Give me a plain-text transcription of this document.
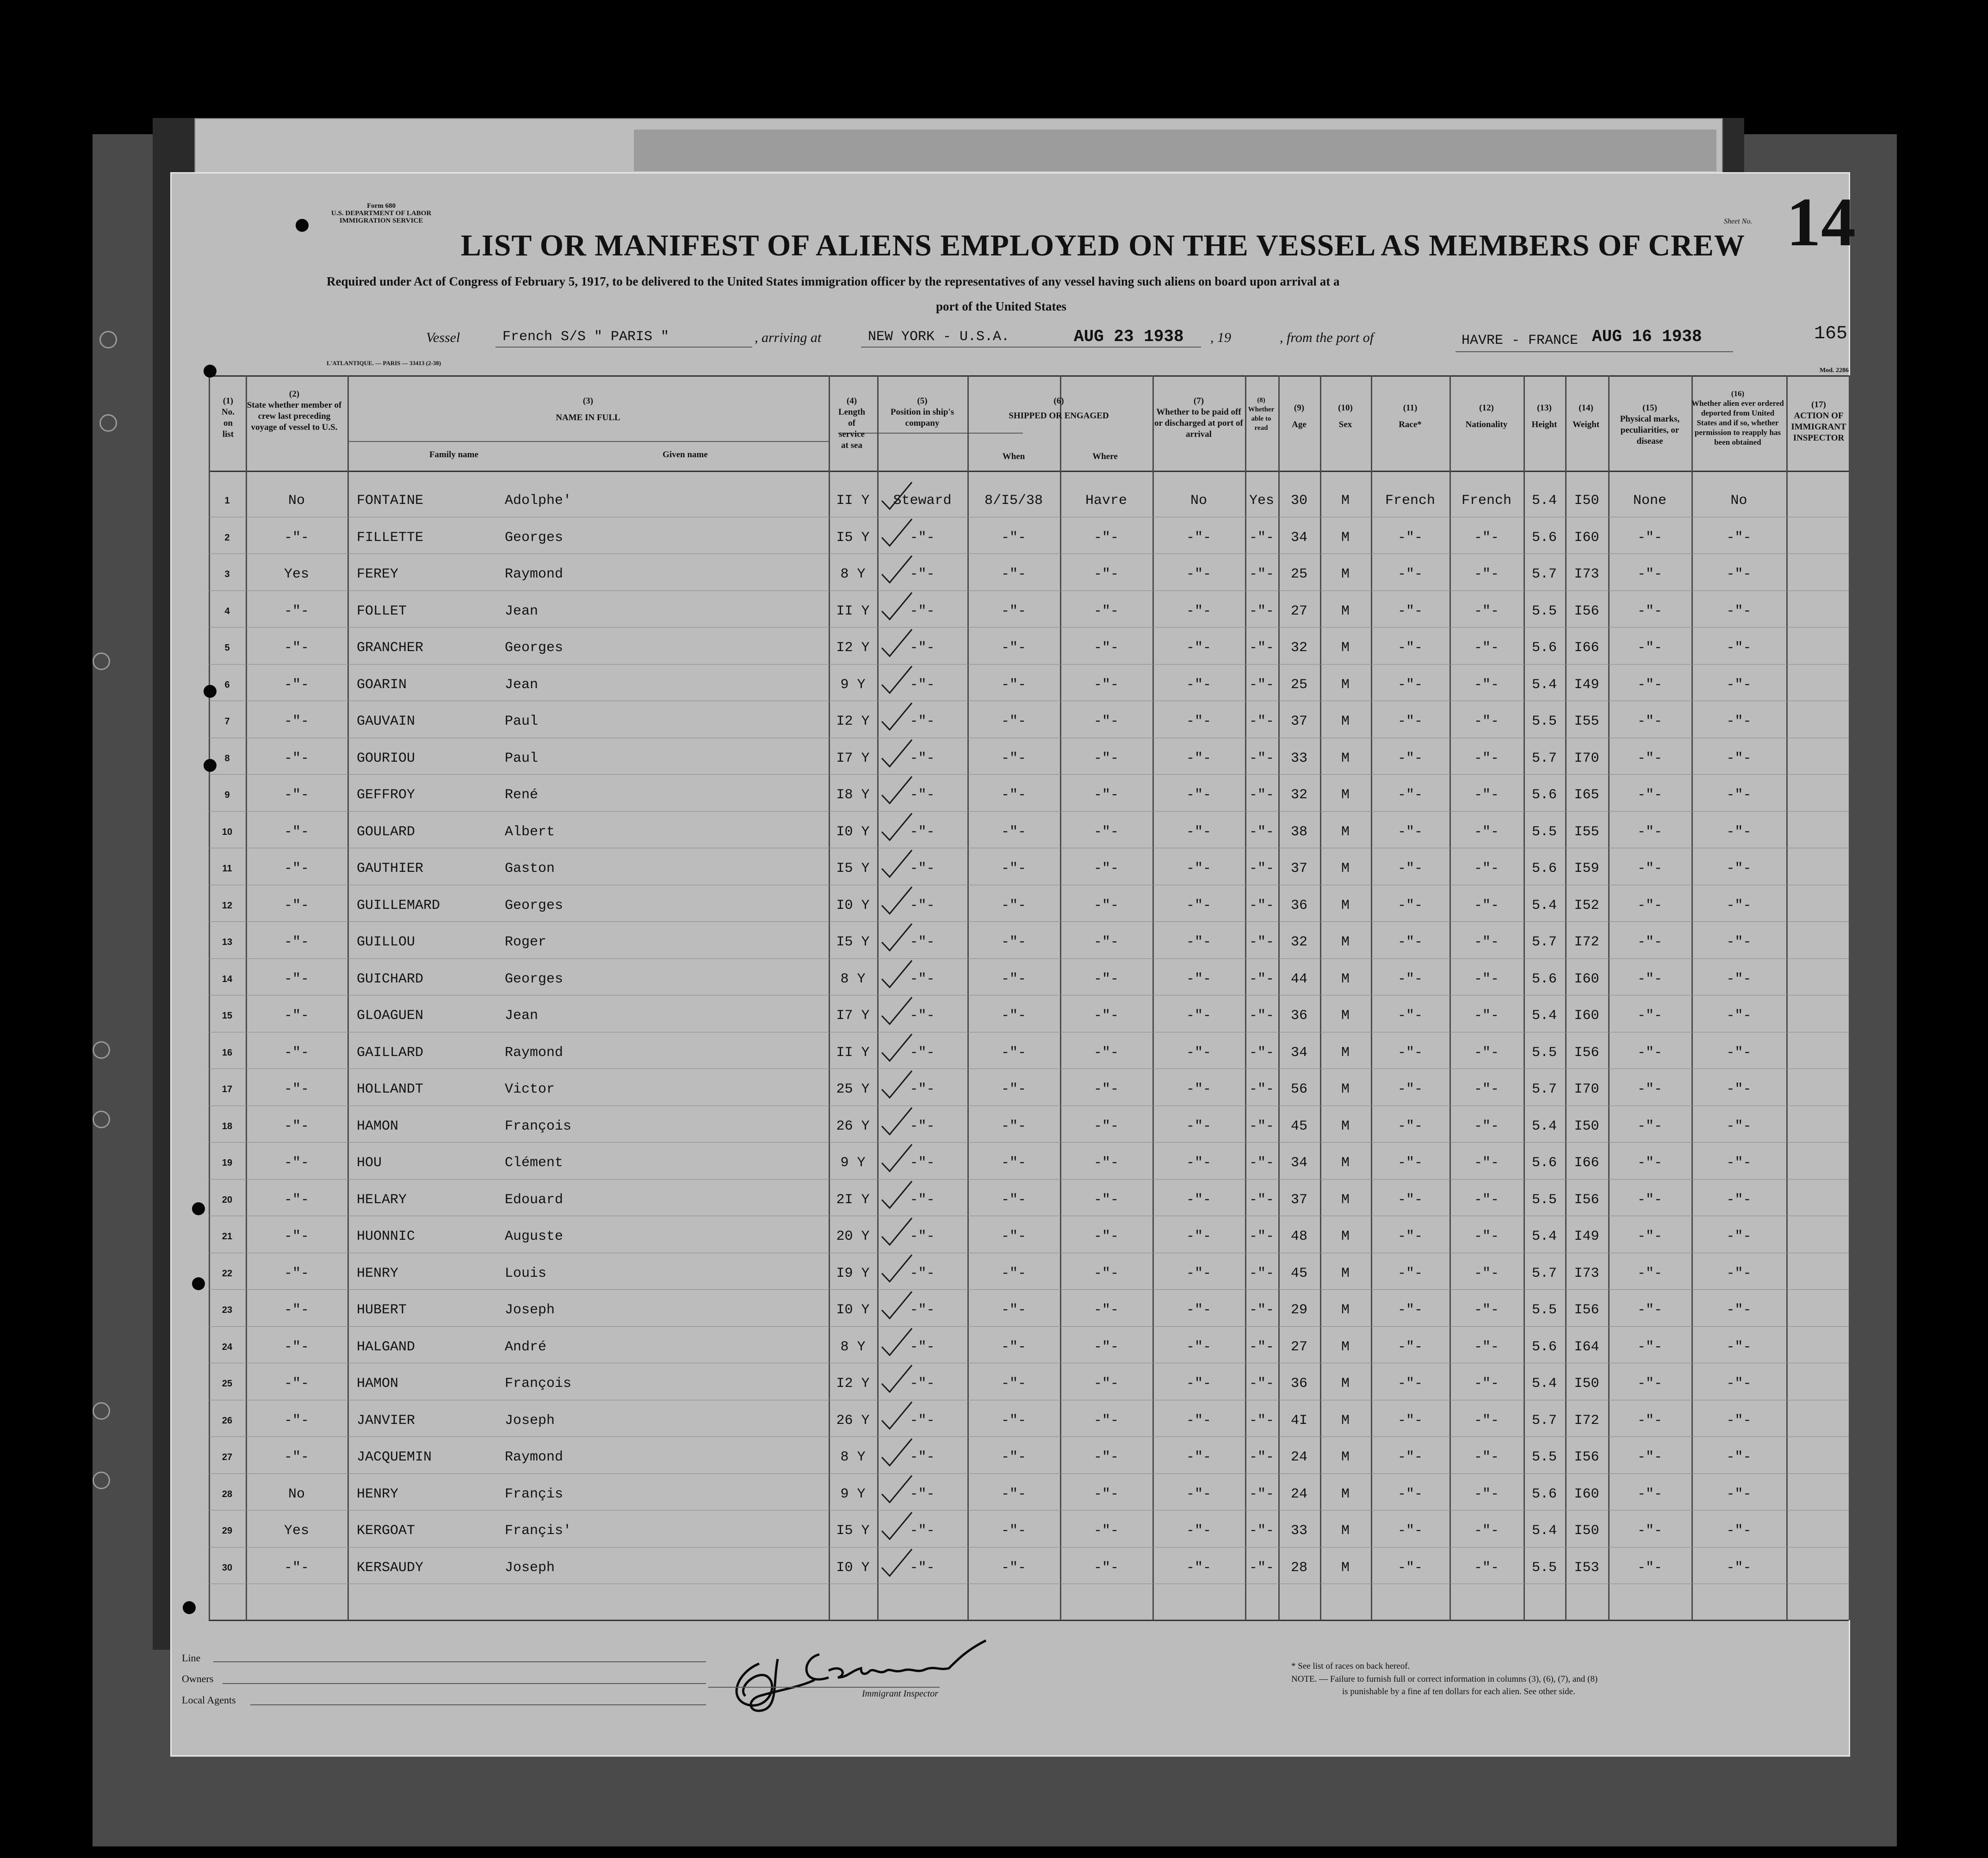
Form 680
U.S. DEPARTMENT OF LABOR
IMMIGRATION SERVICE
LIST OR MANIFEST OF ALIENS EMPLOYED ON THE VESSEL AS MEMBERS OF CREW
Sheet No. 14
Required under Act of Congress of February 5, 1917, to be delivered to the United States immigration officer by the representatives of any vessel having such aliens on board upon arrival at a
port of the United States
Vessel	French S/S " PARIS "	, arriving at	NEW YORK - U.S.A.	AUG 23 1938 , 19	, from the port of	HAVRE - FRANCE AUG 16 1938	165
L'ATLANTIQUE. — PARIS — 33413 (2-38)
Mod. 2286
(1)
No. on list
(2)
State whether member of crew last preceding voyage of vessel to U.S.
(3)
NAME IN FULL
Family name	Given name
(4)
Length of service at sea
(5)
Position in ship's company
(6)
SHIPPED OR ENGAGED
When	Where
(7)
Whether to be paid off or discharged at port of arrival
(8)
Whether able to read
(9)
Age
(10)
Sex
(11)
Race*
(12)
Nationality
(13)
Height
(14)
Weight
(15)
Physical marks, peculiarities, or disease
(16)
Whether alien ever ordered deported from United States and if so, whether permission to reapply has been obtained
(17)
ACTION OF IMMIGRANT INSPECTOR
1	No	FONTAINE	Adolphe'	II Y	Steward	8/I5/38	Havre	No	Yes	30	M	French	French	5.4	I50	None	No
2	-"-	FILLETTE	Georges	I5 Y	-"-	-"-	-"-	-"-	-"-	34	M	-"-	-"-	5.6	I60	-"-	-"-
3	Yes	FEREY	Raymond	8 Y	-"-	-"-	-"-	-"-	-"-	25	M	-"-	-"-	5.7	I73	-"-	-"-
4	-"-	FOLLET	Jean	II Y	-"-	-"-	-"-	-"-	-"-	27	M	-"-	-"-	5.5	I56	-"-	-"-
5	-"-	GRANCHER	Georges	I2 Y	-"-	-"-	-"-	-"-	-"-	32	M	-"-	-"-	5.6	I66	-"-	-"-
6	-"-	GOARIN	Jean	9 Y	-"-	-"-	-"-	-"-	-"-	25	M	-"-	-"-	5.4	I49	-"-	-"-
7	-"-	GAUVAIN	Paul	I2 Y	-"-	-"-	-"-	-"-	-"-	37	M	-"-	-"-	5.5	I55	-"-	-"-
8	-"-	GOURIOU	Paul	I7 Y	-"-	-"-	-"-	-"-	-"-	33	M	-"-	-"-	5.7	I70	-"-	-"-
9	-"-	GEFFROY	René	I8 Y	-"-	-"-	-"-	-"-	-"-	32	M	-"-	-"-	5.6	I65	-"-	-"-
10	-"-	GOULARD	Albert	I0 Y	-"-	-"-	-"-	-"-	-"-	38	M	-"-	-"-	5.5	I55	-"-	-"-
11	-"-	GAUTHIER	Gaston	I5 Y	-"-	-"-	-"-	-"-	-"-	37	M	-"-	-"-	5.6	I59	-"-	-"-
12	-"-	GUILLEMARD	Georges	I0 Y	-"-	-"-	-"-	-"-	-"-	36	M	-"-	-"-	5.4	I52	-"-	-"-
13	-"-	GUILLOU	Roger	I5 Y	-"-	-"-	-"-	-"-	-"-	32	M	-"-	-"-	5.7	I72	-"-	-"-
14	-"-	GUICHARD	Georges	8 Y	-"-	-"-	-"-	-"-	-"-	44	M	-"-	-"-	5.6	I60	-"-	-"-
15	-"-	GLOAGUEN	Jean	I7 Y	-"-	-"-	-"-	-"-	-"-	36	M	-"-	-"-	5.4	I60	-"-	-"-
16	-"-	GAILLARD	Raymond	II Y	-"-	-"-	-"-	-"-	-"-	34	M	-"-	-"-	5.5	I56	-"-	-"-
17	-"-	HOLLANDT	Victor	25 Y	-"-	-"-	-"-	-"-	-"-	56	M	-"-	-"-	5.7	I70	-"-	-"-
18	-"-	HAMON	François	26 Y	-"-	-"-	-"-	-"-	-"-	45	M	-"-	-"-	5.4	I50	-"-	-"-
19	-"-	HOU	Clément	9 Y	-"-	-"-	-"-	-"-	-"-	34	M	-"-	-"-	5.6	I66	-"-	-"-
20	-"-	HELARY	Edouard	2I Y	-"-	-"-	-"-	-"-	-"-	37	M	-"-	-"-	5.5	I56	-"-	-"-
21	-"-	HUONNIC	Auguste	20 Y	-"-	-"-	-"-	-"-	-"-	48	M	-"-	-"-	5.4	I49	-"-	-"-
22	-"-	HENRY	Louis	I9 Y	-"-	-"-	-"-	-"-	-"-	45	M	-"-	-"-	5.7	I73	-"-	-"-
23	-"-	HUBERT	Joseph	I0 Y	-"-	-"-	-"-	-"-	-"-	29	M	-"-	-"-	5.5	I56	-"-	-"-
24	-"-	HALGAND	André	8 Y	-"-	-"-	-"-	-"-	-"-	27	M	-"-	-"-	5.6	I64	-"-	-"-
25	-"-	HAMON	François	I2 Y	-"-	-"-	-"-	-"-	-"-	36	M	-"-	-"-	5.4	I50	-"-	-"-
26	-"-	JANVIER	Joseph	26 Y	-"-	-"-	-"-	-"-	-"-	4I	M	-"-	-"-	5.7	I72	-"-	-"-
27	-"-	JACQUEMIN	Raymond	8 Y	-"-	-"-	-"-	-"-	-"-	24	M	-"-	-"-	5.5	I56	-"-	-"-
28	No	HENRY	Françis	9 Y	-"-	-"-	-"-	-"-	-"-	24	M	-"-	-"-	5.6	I60	-"-	-"-
29	Yes	KERGOAT	Françis'	I5 Y	-"-	-"-	-"-	-"-	-"-	33	M	-"-	-"-	5.4	I50	-"-	-"-
30	-"-	KERSAUDY	Joseph	I0 Y	-"-	-"-	-"-	-"-	-"-	28	M	-"-	-"-	5.5	I53	-"-	-"-
Line
Owners
Local Agents
Immigrant Inspector
* See list of races on back hereof.
NOTE. — Failure to furnish full or correct information in columns (3), (6), (7), and (8)
is punishable by a fine af ten dollars for each alien. See other side.
